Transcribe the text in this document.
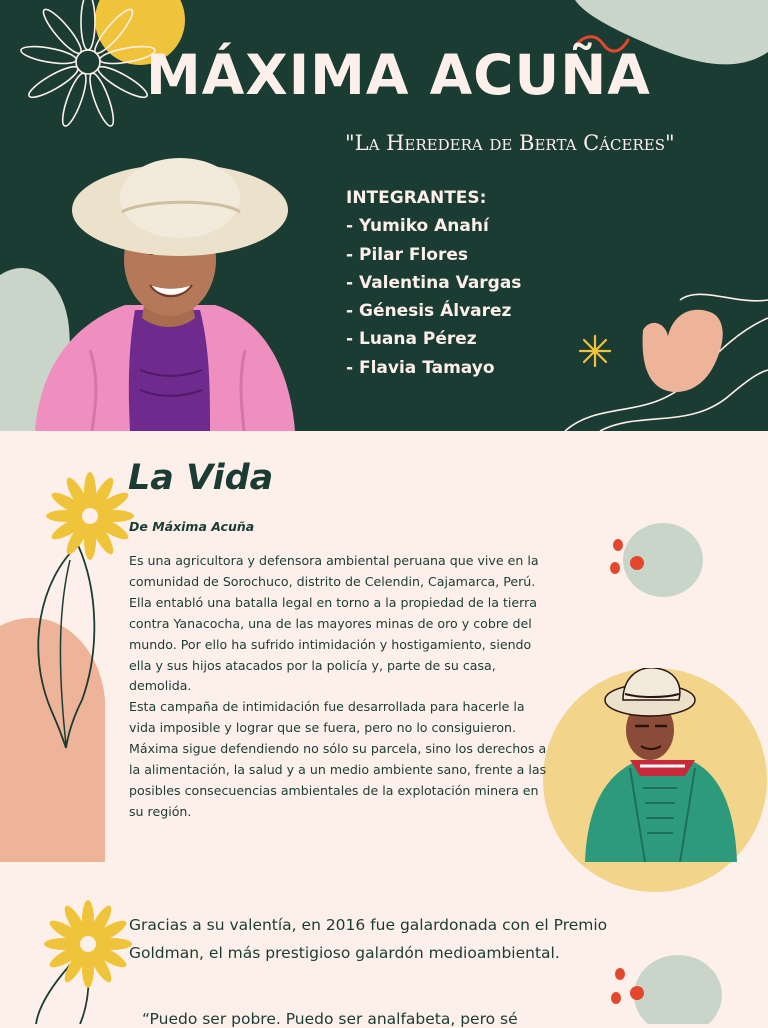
MÁXIMA ACUÑA
"La Heredera de Berta Cáceres"
INTEGRANTES:
- Yumiko Anahí
- Pilar Flores
- Valentina Vargas
- Génesis Álvarez
- Luana Pérez
- Flavia Tamayo
La Vida
De Máxima Acuña

Es una agricultora y defensora ambiental peruana que vive en la comunidad de Sorochuco, distrito de Celendin, Cajamarca, Perú. Ella entabló una batalla legal en torno a la propiedad de la tierra contra Yanacocha, una de las mayores minas de oro y cobre del mundo. Por ello ha sufrido intimidación y hostigamiento, siendo ella y sus hijos atacados por la policía y, parte de su casa, demolida.

Esta campaña de intimidación fue desarrollada para hacerle la vida imposible y lograr que se fuera, pero no lo consiguieron. Máxima sigue defendiendo no sólo su parcela, sino los derechos a la alimentación, la salud y a un medio ambiente sano, frente a las posibles consecuencias ambientales de la explotación minera en su región.

Gracias a su valentía, en 2016 fue galardonada con el Premio Goldman, el más prestigioso galardón medioambiental.

“Puedo ser pobre. Puedo ser analfabeta, pero sé
